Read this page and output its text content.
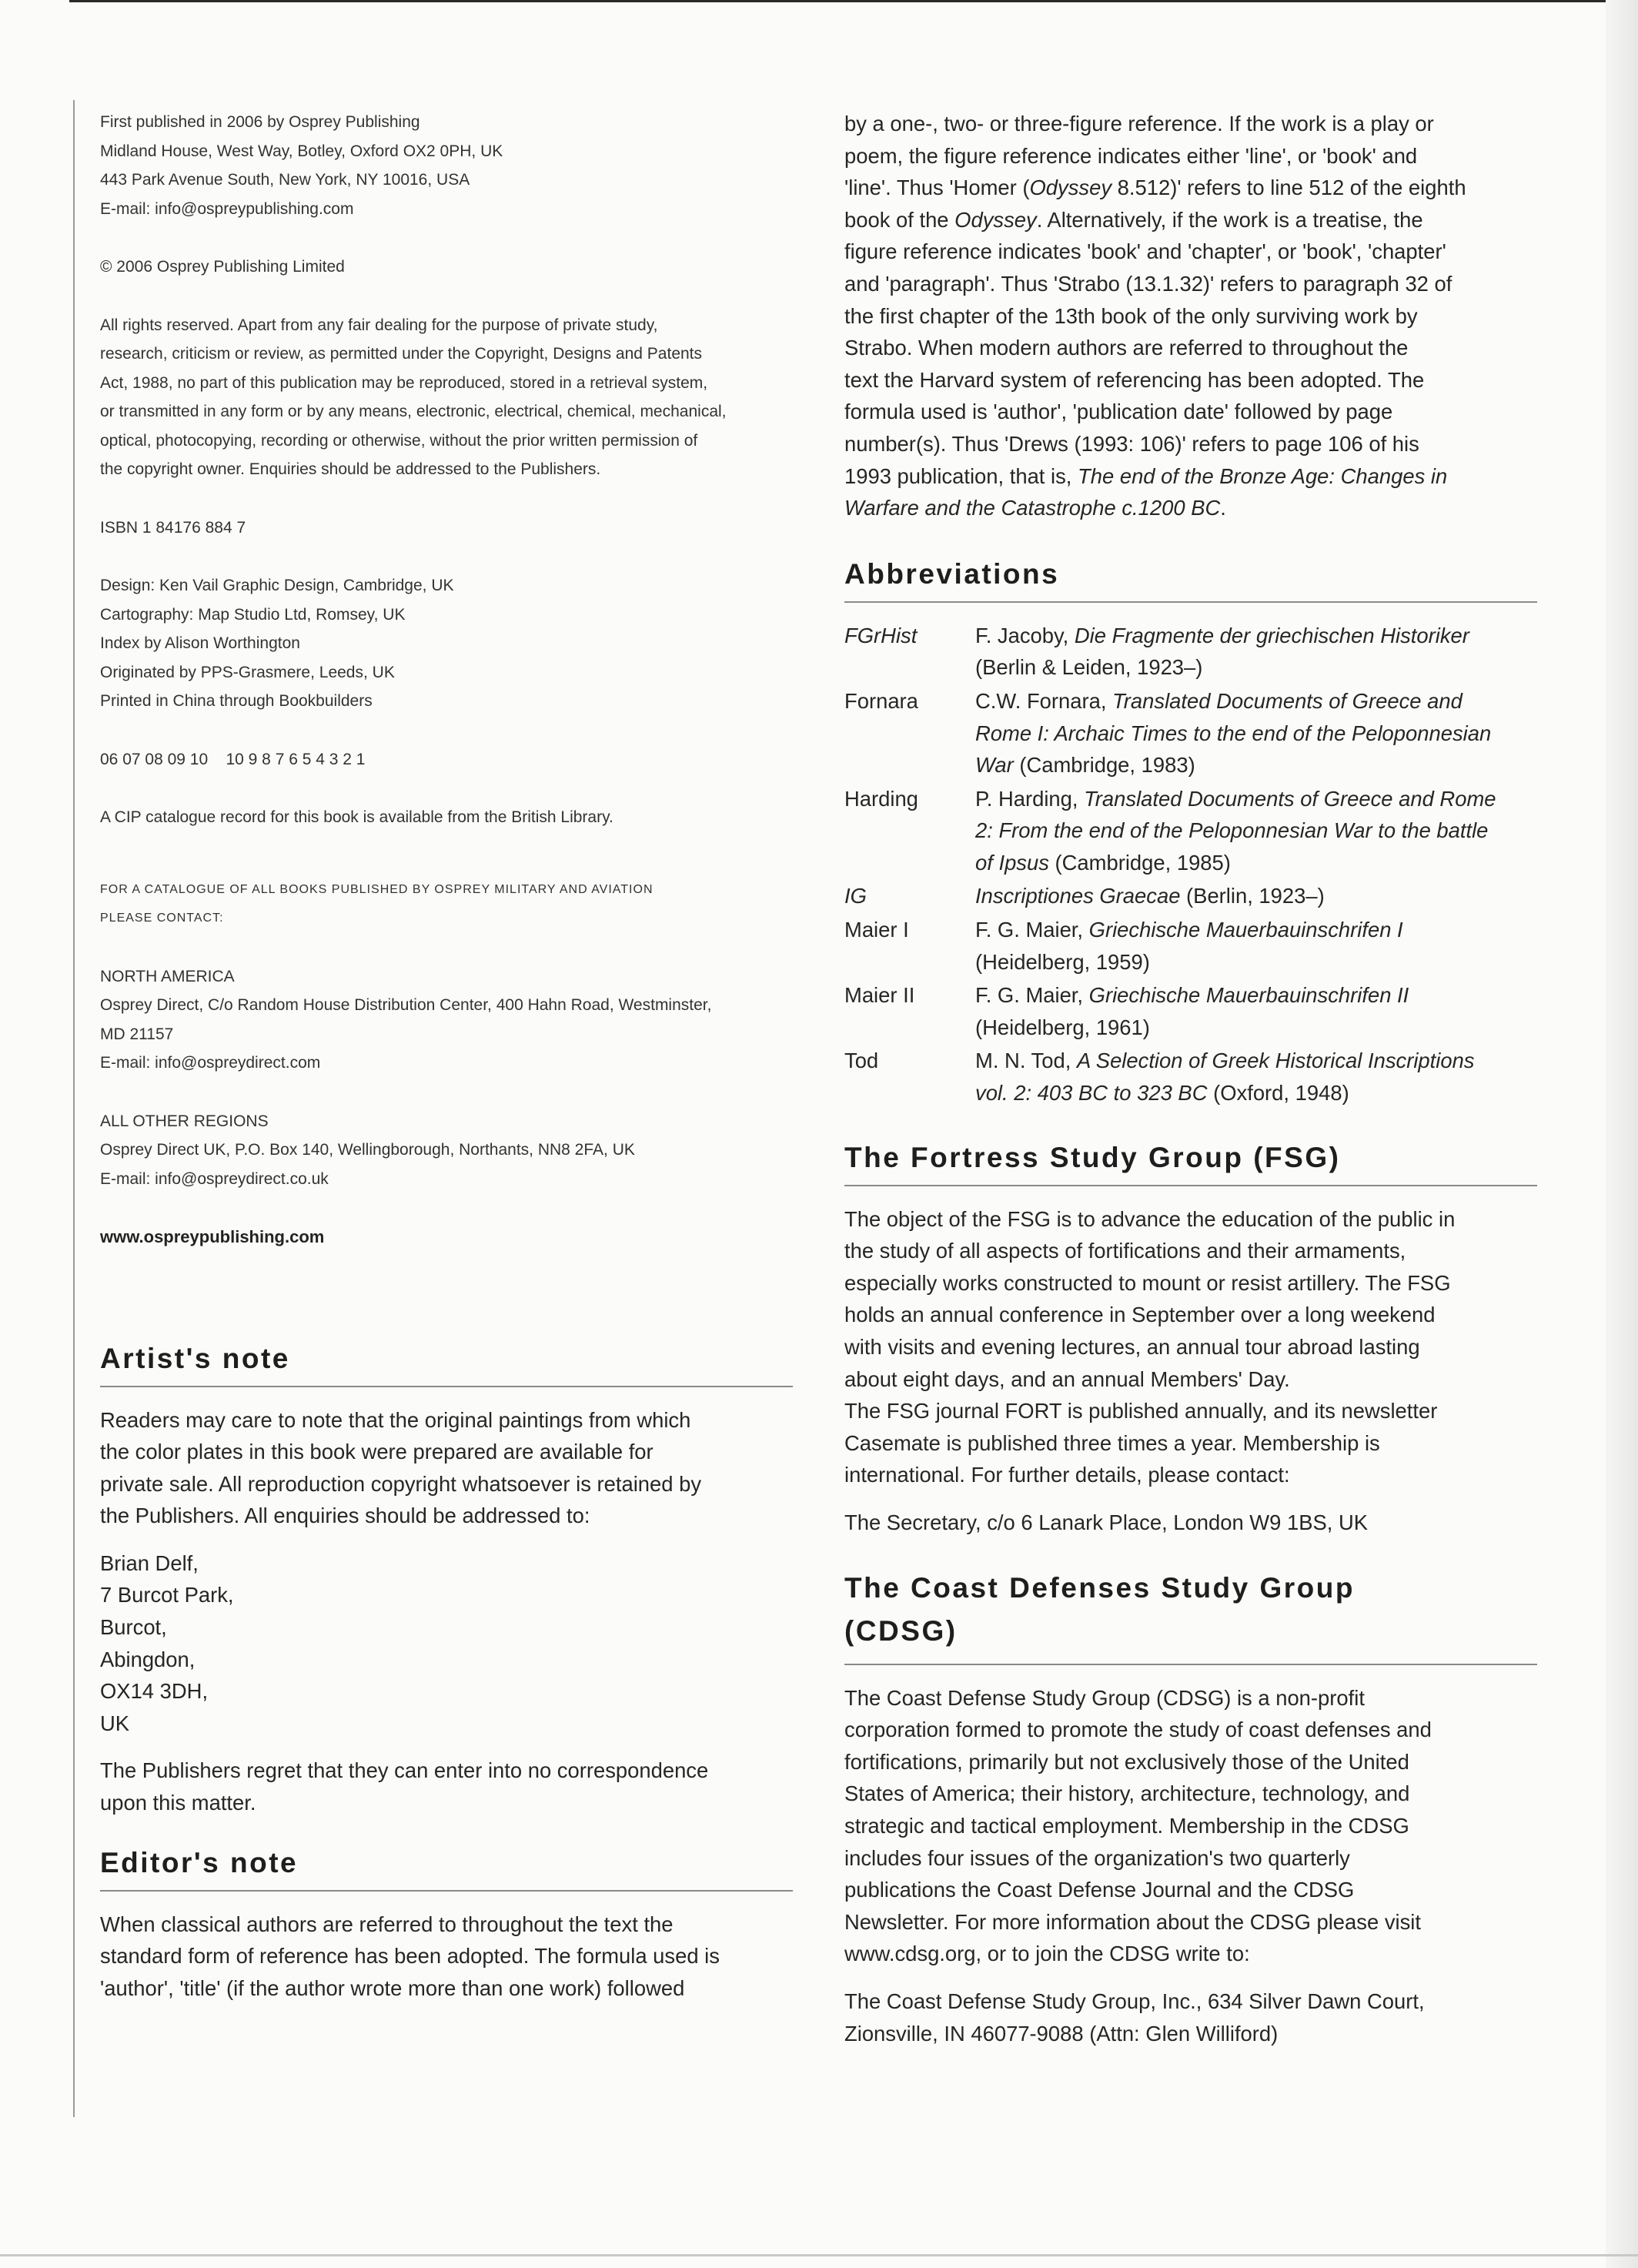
First published in 2006 by Osprey Publishing
Midland House, West Way, Botley, Oxford OX2 0PH, UK
443 Park Avenue South, New York, NY 10016, USA
E-mail: info@ospreypublishing.com

© 2006 Osprey Publishing Limited

All rights reserved. Apart from any fair dealing for the purpose of private study,
research, criticism or review, as permitted under the Copyright, Designs and Patents
Act, 1988, no part of this publication may be reproduced, stored in a retrieval system,
or transmitted in any form or by any means, electronic, electrical, chemical, mechanical,
optical, photocopying, recording or otherwise, without the prior written permission of
the copyright owner. Enquiries should be addressed to the Publishers.

ISBN 1 84176 884 7

Design: Ken Vail Graphic Design, Cambridge, UK
Cartography: Map Studio Ltd, Romsey, UK
Index by Alison Worthington
Originated by PPS-Grasmere, Leeds, UK
Printed in China through Bookbuilders

06 07 08 09 10    10 9 8 7 6 5 4 3 2 1

A CIP catalogue record for this book is available from the British Library.

FOR A CATALOGUE OF ALL BOOKS PUBLISHED BY OSPREY MILITARY AND AVIATION
PLEASE CONTACT:

NORTH AMERICA
Osprey Direct, C/o Random House Distribution Center, 400 Hahn Road, Westminster,
MD 21157
E-mail: info@ospreydirect.com

ALL OTHER REGIONS
Osprey Direct UK, P.O. Box 140, Wellingborough, Northants, NN8 2FA, UK
E-mail: info@ospreydirect.co.uk

www.ospreypublishing.com

Artist's note

Readers may care to note that the original paintings from which
the color plates in this book were prepared are available for
private sale. All reproduction copyright whatsoever is retained by
the Publishers. All enquiries should be addressed to:

Brian Delf,
7 Burcot Park,
Burcot,
Abingdon,
OX14 3DH,
UK

The Publishers regret that they can enter into no correspondence
upon this matter.

Editor's note
When classical authors are referred to throughout the text the
standard form of reference has been adopted. The formula used is
'author', 'title' (if the author wrote more than one work) followed
by a one-, two- or three-figure reference. If the work is a play or
poem, the figure reference indicates either 'line', or 'book' and
'line'. Thus 'Homer (Odyssey 8.512)' refers to line 512 of the eighth
book of the Odyssey. Alternatively, if the work is a treatise, the
figure reference indicates 'book' and 'chapter', or 'book', 'chapter'
and 'paragraph'. Thus 'Strabo (13.1.32)' refers to paragraph 32 of
the first chapter of the 13th book of the only surviving work by
Strabo. When modern authors are referred to throughout the
text the Harvard system of referencing has been adopted. The
formula used is 'author', 'publication date' followed by page
number(s). Thus 'Drews (1993: 106)' refers to page 106 of his
1993 publication, that is, The end of the Bronze Age: Changes in
Warfare and the Catastrophe c.1200 BC.
Abbreviations
FGrHist	F. Jacoby, Die Fragmente der griechischen Historiker
(Berlin & Leiden, 1923–)

Fornara	C.W. Fornara, Translated Documents of Greece and
Rome I: Archaic Times to the end of the Peloponnesian
War (Cambridge, 1983)

Harding	P. Harding, Translated Documents of Greece and Rome
2: From the end of the Peloponnesian War to the battle
of Ipsus (Cambridge, 1985)

IG	Inscriptiones Graecae (Berlin, 1923–)

Maier I	F. G. Maier, Griechische Mauerbauinschrifen I
(Heidelberg, 1959)

Maier II	F. G. Maier, Griechische Mauerbauinschrifen II
(Heidelberg, 1961)

Tod	M. N. Tod, A Selection of Greek Historical Inscriptions
vol. 2: 403 BC to 323 BC (Oxford, 1948)
The Fortress Study Group (FSG)

The object of the FSG is to advance the education of the public in
the study of all aspects of fortifications and their armaments,
especially works constructed to mount or resist artillery. The FSG
holds an annual conference in September over a long weekend
with visits and evening lectures, an annual tour abroad lasting
about eight days, and an annual Members' Day.
The FSG journal FORT is published annually, and its newsletter
Casemate is published three times a year. Membership is
international. For further details, please contact:

The Secretary, c/o 6 Lanark Place, London W9 1BS, UK

The Coast Defenses Study Group
(CDSG)

The Coast Defense Study Group (CDSG) is a non-profit
corporation formed to promote the study of coast defenses and
fortifications, primarily but not exclusively those of the United
States of America; their history, architecture, technology, and
strategic and tactical employment. Membership in the CDSG
includes four issues of the organization's two quarterly
publications the Coast Defense Journal and the CDSG
Newsletter. For more information about the CDSG please visit
www.cdsg.org, or to join the CDSG write to:

The Coast Defense Study Group, Inc., 634 Silver Dawn Court,
Zionsville, IN 46077-9088 (Attn: Glen Williford)
